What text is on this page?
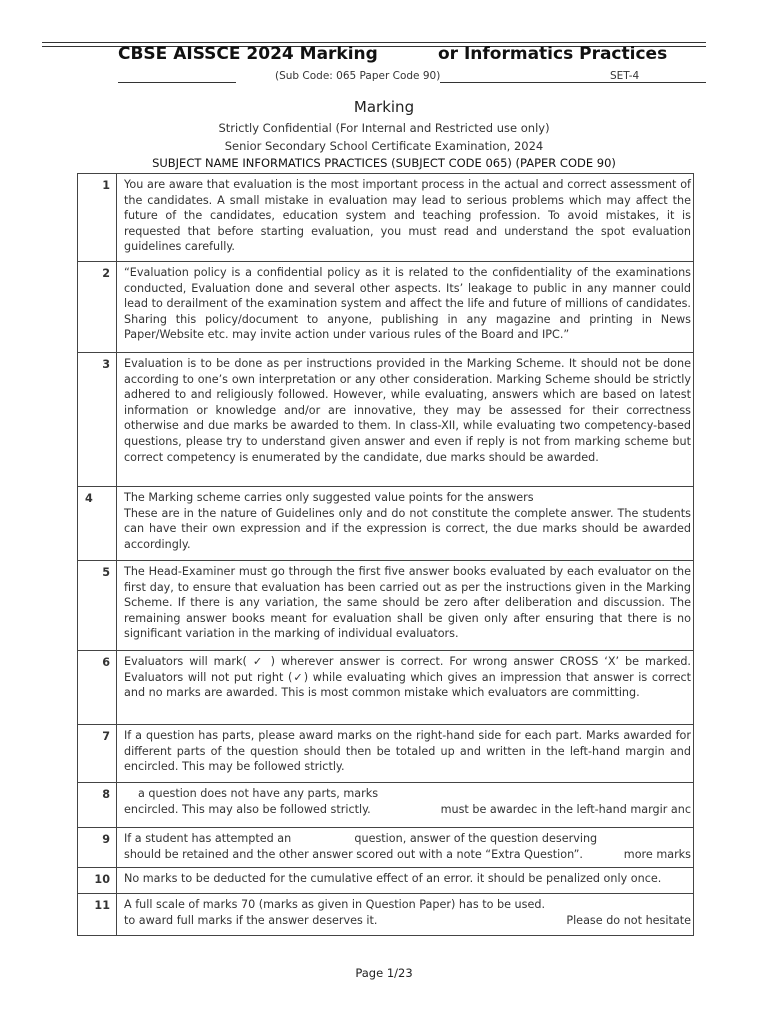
CBSE AISSCE 2024 Marking	or Informatics Practices
(Sub Code: 065 Paper Code 90)	SET-4
Marking
Strictly Confidential (For Internal and Restricted use only)
Senior Secondary School Certificate Examination, 2024
SUBJECT NAME INFORMATICS PRACTICES (SUBJECT CODE 065) (PAPER CODE 90)
1	You are aware that evaluation is the most important process in the actual and correct assessment of the candidates. A small mistake in evaluation may lead to serious problems which may affect the future of the candidates, education system and teaching profession. To avoid mistakes, it is requested that before starting evaluation, you must read and understand the spot evaluation guidelines carefully.
2	“Evaluation policy is a confidential policy as it is related to the confidentiality of the examinations conducted, Evaluation done and several other aspects. Its’ leakage to public in any manner could lead to derailment of the examination system and affect the life and future of millions of candidates. Sharing this policy/document to anyone, publishing in any magazine and printing in News Paper/Website etc. may invite action under various rules of the Board and IPC.”
3	Evaluation is to be done as per instructions provided in the Marking Scheme. It should not be done according to one’s own interpretation or any other consideration. Marking Scheme should be strictly adhered to and religiously followed. However, while evaluating, answers which are based on latest information or knowledge and/or are innovative, they may be assessed for their correctness otherwise and due marks be awarded to them. In class-XII, while evaluating two competency-based questions, please try to understand given answer and even if reply is not from marking scheme but correct competency is enumerated by the candidate, due marks should be awarded.
4	The Marking scheme carries only suggested value points for the answers
These are in the nature of Guidelines only and do not constitute the complete answer. The students can have their own expression and if the expression is correct, the due marks should be awarded accordingly.

5	The Head-Examiner must go through the first five answer books evaluated by each evaluator on the first day, to ensure that evaluation has been carried out as per the instructions given in the Marking Scheme. If there is any variation, the same should be zero after deliberation and discussion. The remaining answer books meant for evaluation shall be given only after ensuring that there is no significant variation in the marking of individual evaluators.
6	Evaluators will mark( ✓ ) wherever answer is correct. For wrong answer CROSS ‘X’ be marked. Evaluators will not put right (✓) while evaluating which gives an impression that answer is correct and no marks are awarded. This is most common mistake which evaluators are committing.
7	If a question has parts, please award marks on the right-hand side for each part. Marks awarded for different parts of the question should then be totaled up and written in the left-hand margin and encircled. This may be followed strictly.
8	a question does not have any parts, marks
encircled. This may also be followed strictly. must be awardec in the left-hand margir anc

9	If a student has attempted an question, answer of the question deserving
should be retained and the other answer scored out with a note “Extra Question”. more marks

10	No marks to be deducted for the cumulative effect of an error. it should be penalized only once.
11	A full scale of marks 70 (marks as given in Question Paper) has to be used.
to award full marks if the answer deserves it. Please do not hesitate
Page 1/23
